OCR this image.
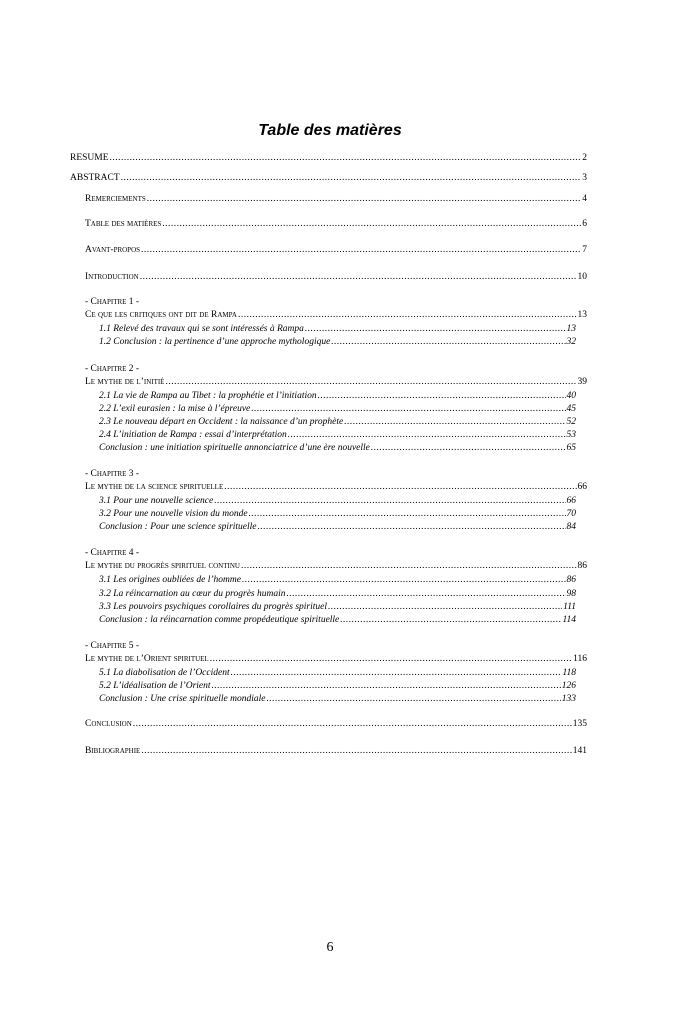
Table des matières
RESUME .....	2
ABSTRACT .....	3
Remerciements .....	4
Table des matières .....	6
Avant-propos .....	7
Introduction .....	10
- Chapitre 1 -
Ce que les critiques ont dit de Rampa .....	13
1.1 Relevé des travaux qui se sont intéressés à Rampa .....	13
1.2 Conclusion : la pertinence d’une approche mythologique .....	32
- Chapitre 2 -
Le mythe de l’initié .....	39
2.1 La vie de Rampa au Tibet : la prophétie et l’initiation .....	40
2.2 L’exil eurasien : la mise à l’épreuve .....	45
2.3 Le nouveau départ en Occident : la naissance d’un prophète .....	52
2.4 L’initiation de Rampa : essai d’interprétation .....	53
Conclusion : une initiation spirituelle annonciatrice d’une ère nouvelle .....	65
- Chapitre 3 -
Le mythe de la science spirituelle .....	66
3.1 Pour une nouvelle science .....	66
3.2 Pour une nouvelle vision du monde .....	70
Conclusion : Pour une science spirituelle .....	84
- Chapitre 4 -
Le mythe du progrès spirituel continu .....	86
3.1 Les origines oubliées de l’homme .....	86
3.2 La réincarnation au cœur du progrès humain .....	98
3.3 Les pouvoirs psychiques corollaires du progrès spirituel .....	111
Conclusion : la réincarnation comme propédeutique spirituelle .....	114
- Chapitre 5 -
Le mythe de l’Orient spirituel .....	116
5.1 La diabolisation de l’Occident .....	118
5.2 L’idéalisation de l’Orient .....	126
Conclusion : Une crise spirituelle mondiale .....	133
Conclusion .....	135
Bibliographie .....	141
6
